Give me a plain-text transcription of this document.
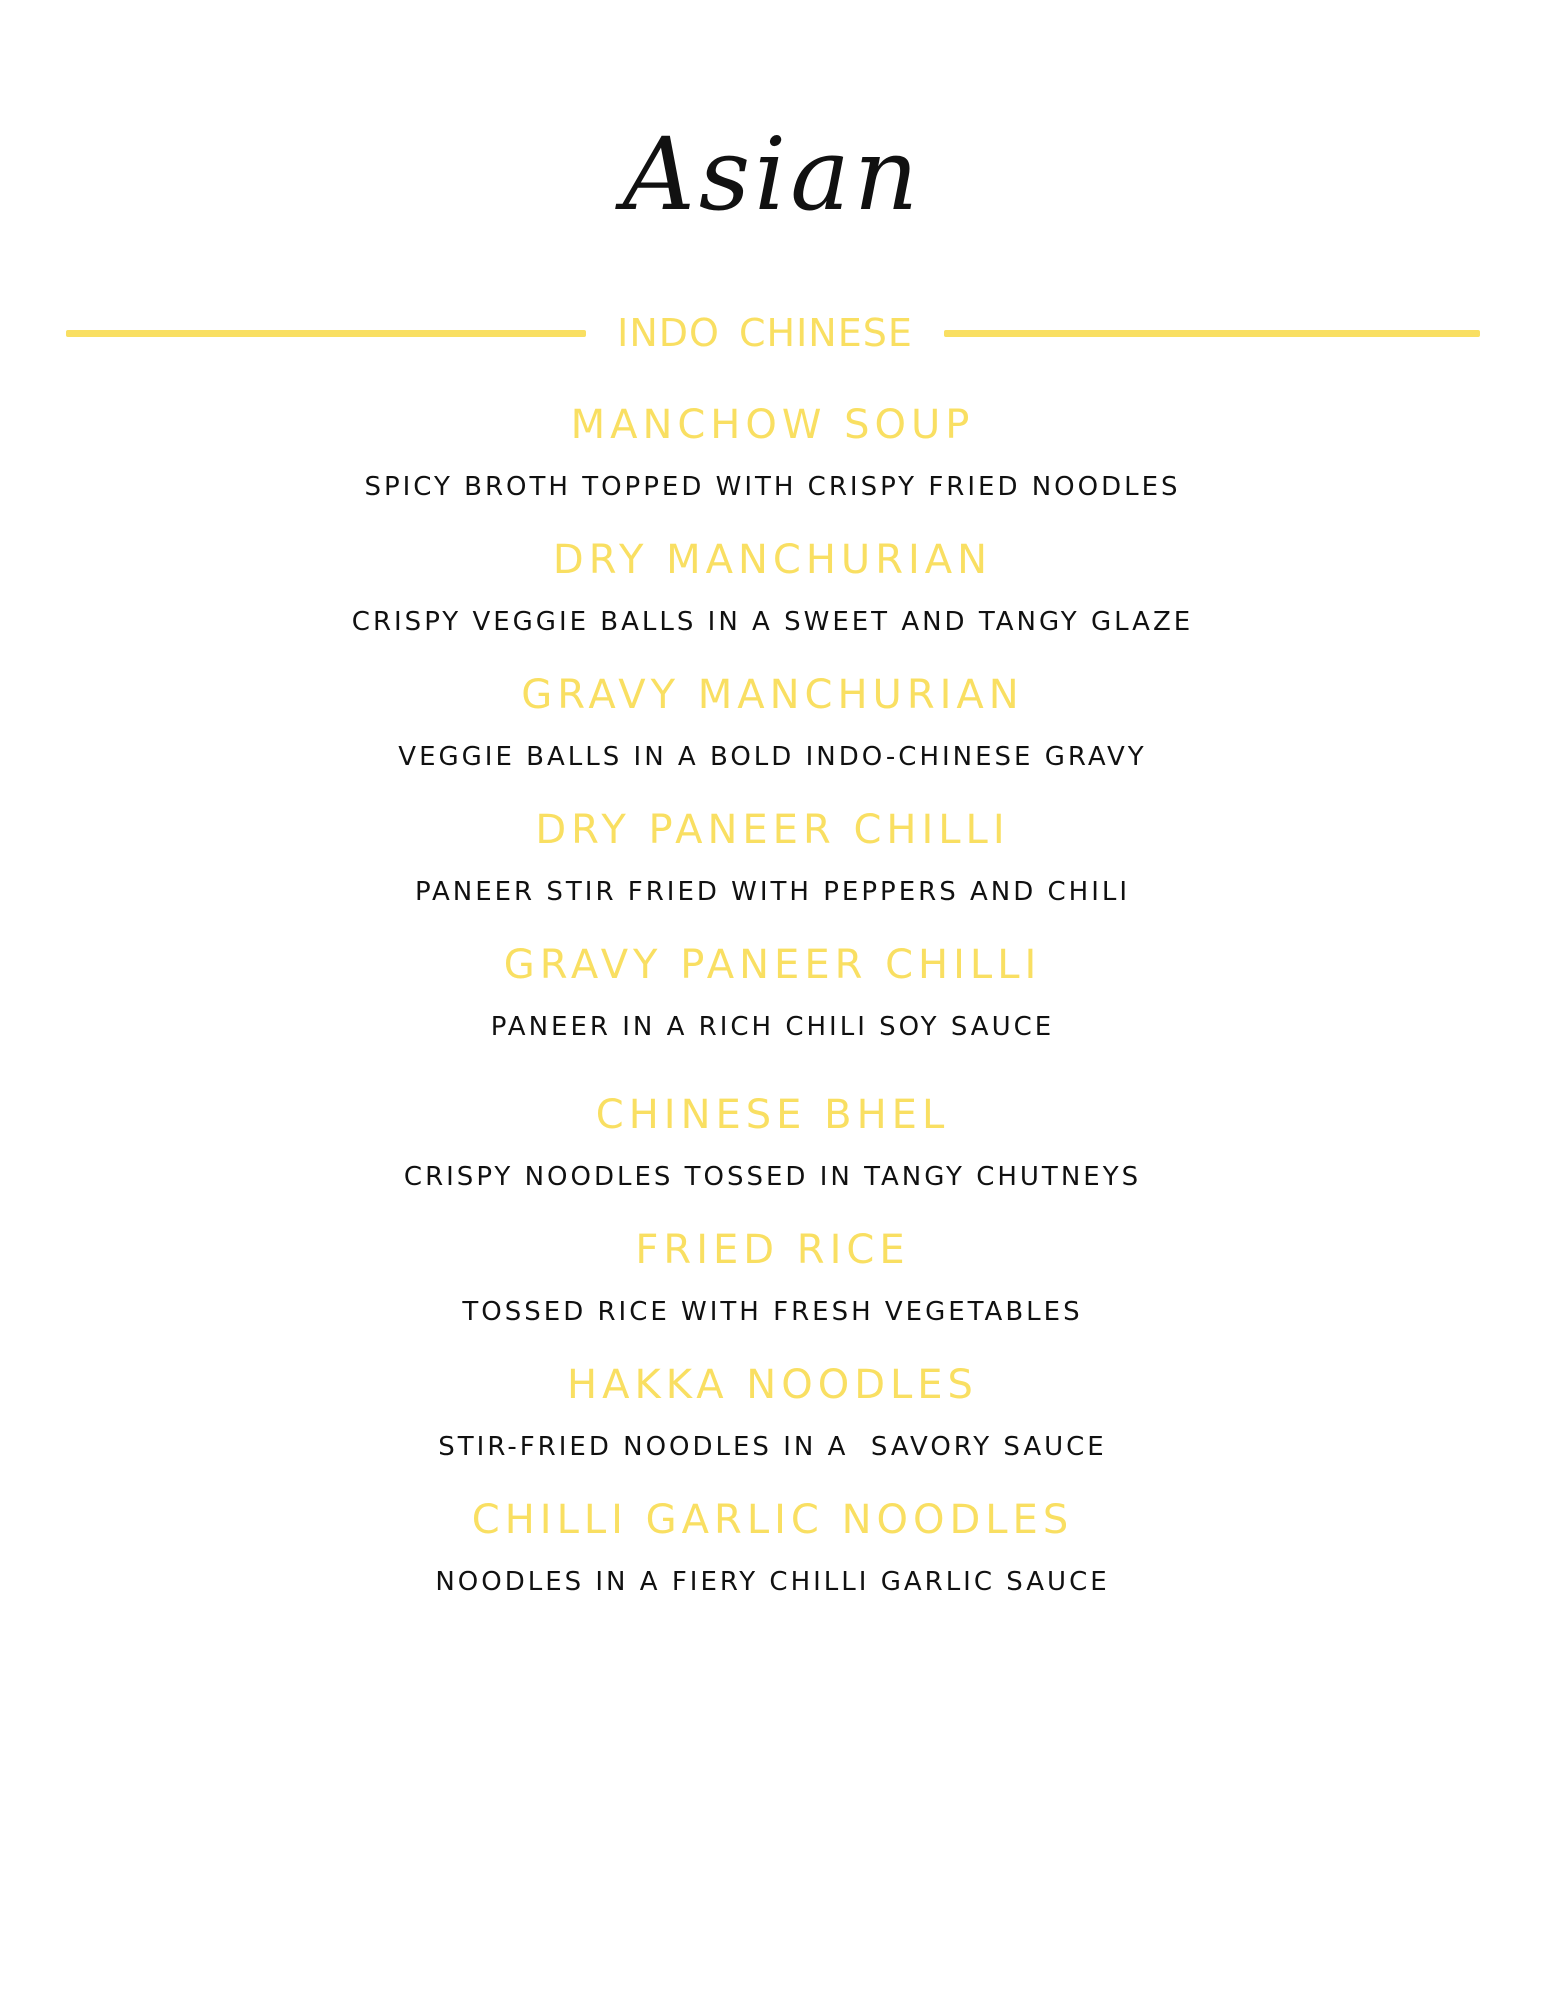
Asian
INDO CHINESE
MANCHOW SOUP
SPICY BROTH TOPPED WITH CRISPY FRIED NOODLES
DRY MANCHURIAN
CRISPY VEGGIE BALLS IN A SWEET AND TANGY GLAZE
GRAVY MANCHURIAN
VEGGIE BALLS IN A BOLD INDO-CHINESE GRAVY
DRY PANEER CHILLI
PANEER STIR FRIED WITH PEPPERS AND CHILI
GRAVY PANEER CHILLI
PANEER IN A RICH CHILI SOY SAUCE
CHINESE BHEL
CRISPY NOODLES TOSSED IN TANGY CHUTNEYS
FRIED RICE
TOSSED RICE WITH FRESH VEGETABLES
HAKKA NOODLES
STIR-FRIED NOODLES IN A  SAVORY SAUCE
CHILLI GARLIC NOODLES
NOODLES IN A FIERY CHILLI GARLIC SAUCE
